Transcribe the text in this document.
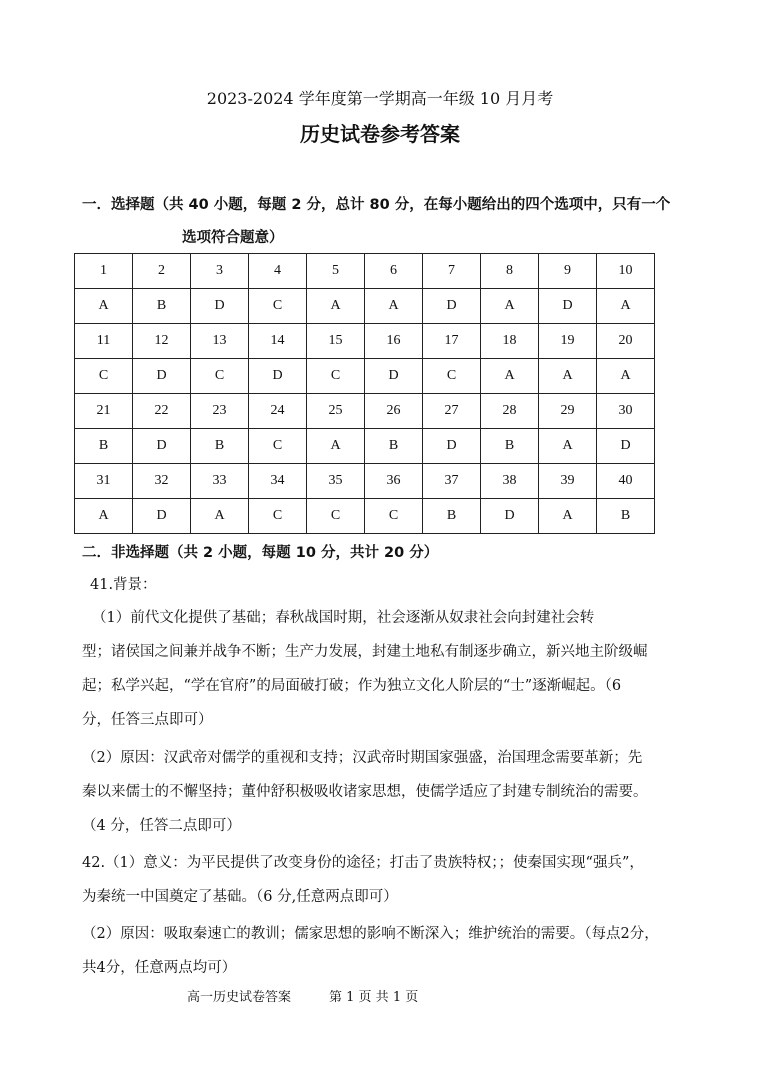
2023-2024 学年度第一学期高一年级 10 月月考
历史试卷参考答案
一．选择题（共 40 小题，每题 2 分，总计 80 分，在每小题给出的四个选项中，只有一个
选项符合题意）
1	2	3	4	5	6	7	8	9	10
A	B	D	C	A	A	D	A	D	A
11	12	13	14	15	16	17	18	19	20
C	D	C	D	C	D	C	A	A	A
21	22	23	24	25	26	27	28	29	30
B	D	B	C	A	B	D	B	A	D
31	32	33	34	35	36	37	38	39	40
A	D	A	C	C	C	B	D	A	B
二．非选择题（共 2 小题，每题 10 分，共计 20 分）
41.背景：
（1）前代文化提供了基础；春秋战国时期，社会逐渐从奴隶社会向封建社会转
型；诸侯国之间兼并战争不断；生产力发展，封建土地私有制逐步确立，新兴地主阶级崛
起；私学兴起，“学在官府”的局面破打破；作为独立文化人阶层的“士”逐渐崛起。（6
分，任答三点即可）
（2）原因：汉武帝对儒学的重视和支持；汉武帝时期国家强盛，治国理念需要革新；先
秦以来儒士的不懈坚持；董仲舒积极吸收诸家思想，使儒学适应了封建专制统治的需要。
（4 分，任答二点即可）
42.（1）意义：为平民提供了改变身份的途径；打击了贵族特权；；使秦国实现“强兵”，
为秦统一中国奠定了基础。（6 分,任意两点即可）
（2）原因：吸取秦速亡的教训；儒家思想的影响不断深入；维护统治的需要。（每点2分，
共4分，任意两点均可）
高一历史试卷答案	第 1 页 共 1 页
